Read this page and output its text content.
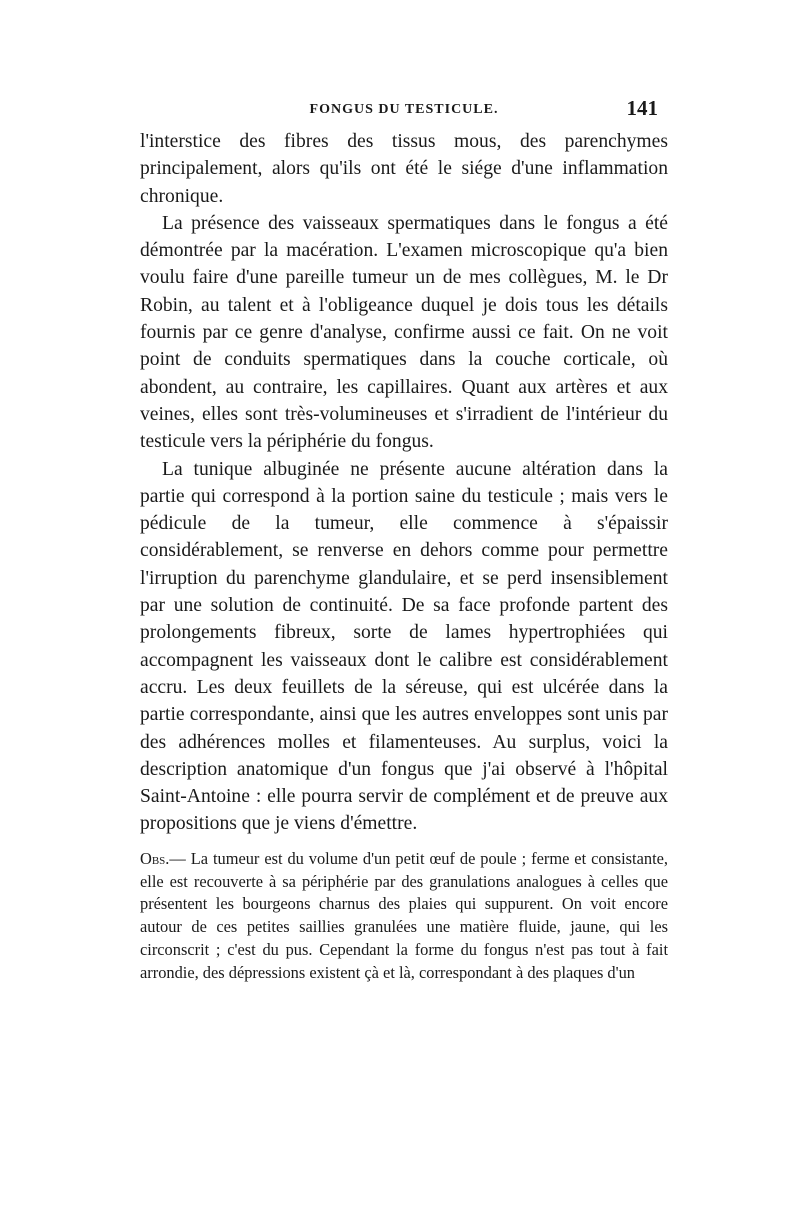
FONGUS DU TESTICULE.	141

l'interstice des fibres des tissus mous, des parenchymes principalement, alors qu'ils ont été le siége d'une inflammation chronique.

La présence des vaisseaux spermatiques dans le fongus a été démontrée par la macération. L'examen microscopique qu'a bien voulu faire d'une pareille tumeur un de mes collègues, M. le Dr Robin, au talent et à l'obligeance duquel je dois tous les détails fournis par ce genre d'analyse, confirme aussi ce fait. On ne voit point de conduits spermatiques dans la couche corticale, où abondent, au contraire, les capillaires. Quant aux artères et aux veines, elles sont très-volumineuses et s'irradient de l'intérieur du testicule vers la périphérie du fongus.

La tunique albuginée ne présente aucune altération dans la partie qui correspond à la portion saine du testicule ; mais vers le pédicule de la tumeur, elle commence à s'épaissir considérablement, se renverse en dehors comme pour permettre l'irruption du parenchyme glandulaire, et se perd insensiblement par une solution de continuité. De sa face profonde partent des prolongements fibreux, sorte de lames hypertrophiées qui accompagnent les vaisseaux dont le calibre est considérablement accru. Les deux feuillets de la séreuse, qui est ulcérée dans la partie correspondante, ainsi que les autres enveloppes sont unis par des adhérences molles et filamenteuses. Au surplus, voici la description anatomique d'un fongus que j'ai observé à l'hôpital Saint-Antoine : elle pourra servir de complément et de preuve aux propositions que je viens d'émettre.

Obs.— La tumeur est du volume d'un petit œuf de poule ; ferme et consistante, elle est recouverte à sa périphérie par des granulations analogues à celles que présentent les bourgeons charnus des plaies qui suppurent. On voit encore autour de ces petites saillies granulées une matière fluide, jaune, qui les circonscrit ; c'est du pus. Cependant la forme du fongus n'est pas tout à fait arrondie, des dépressions existent çà et là, correspondant à des plaques d'un
